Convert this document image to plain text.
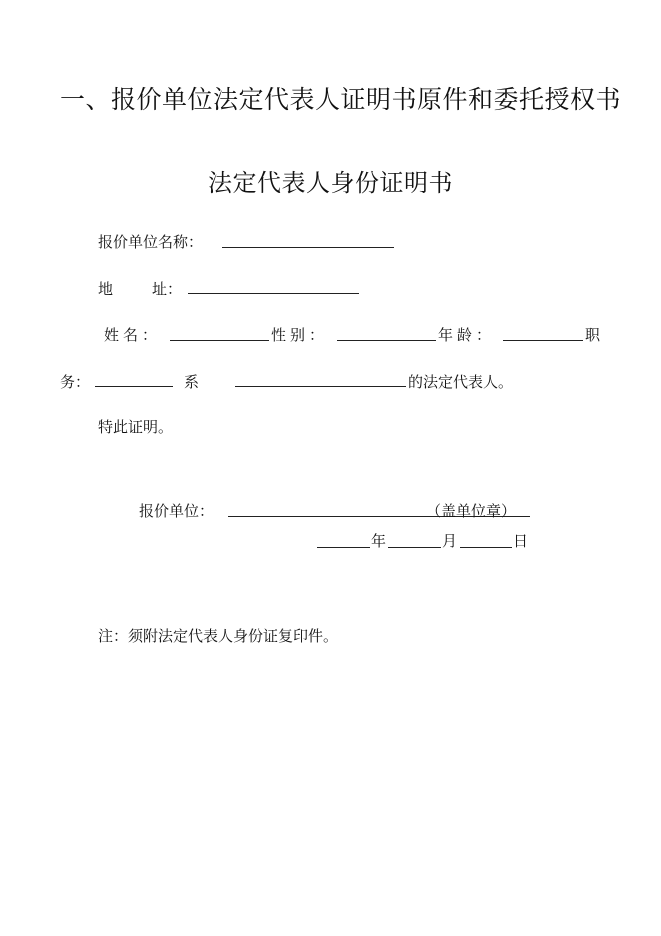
一、报价单位法定代表人证明书原件和委托授权书
法定代表人身份证明书
报价单位名称：
地	址：
姓名：	性别：	年龄：	职
务：	系	的法定代表人。
特此证明。
报价单位：	（盖单位章）
年	月	日
注：须附法定代表人身份证复印件。
